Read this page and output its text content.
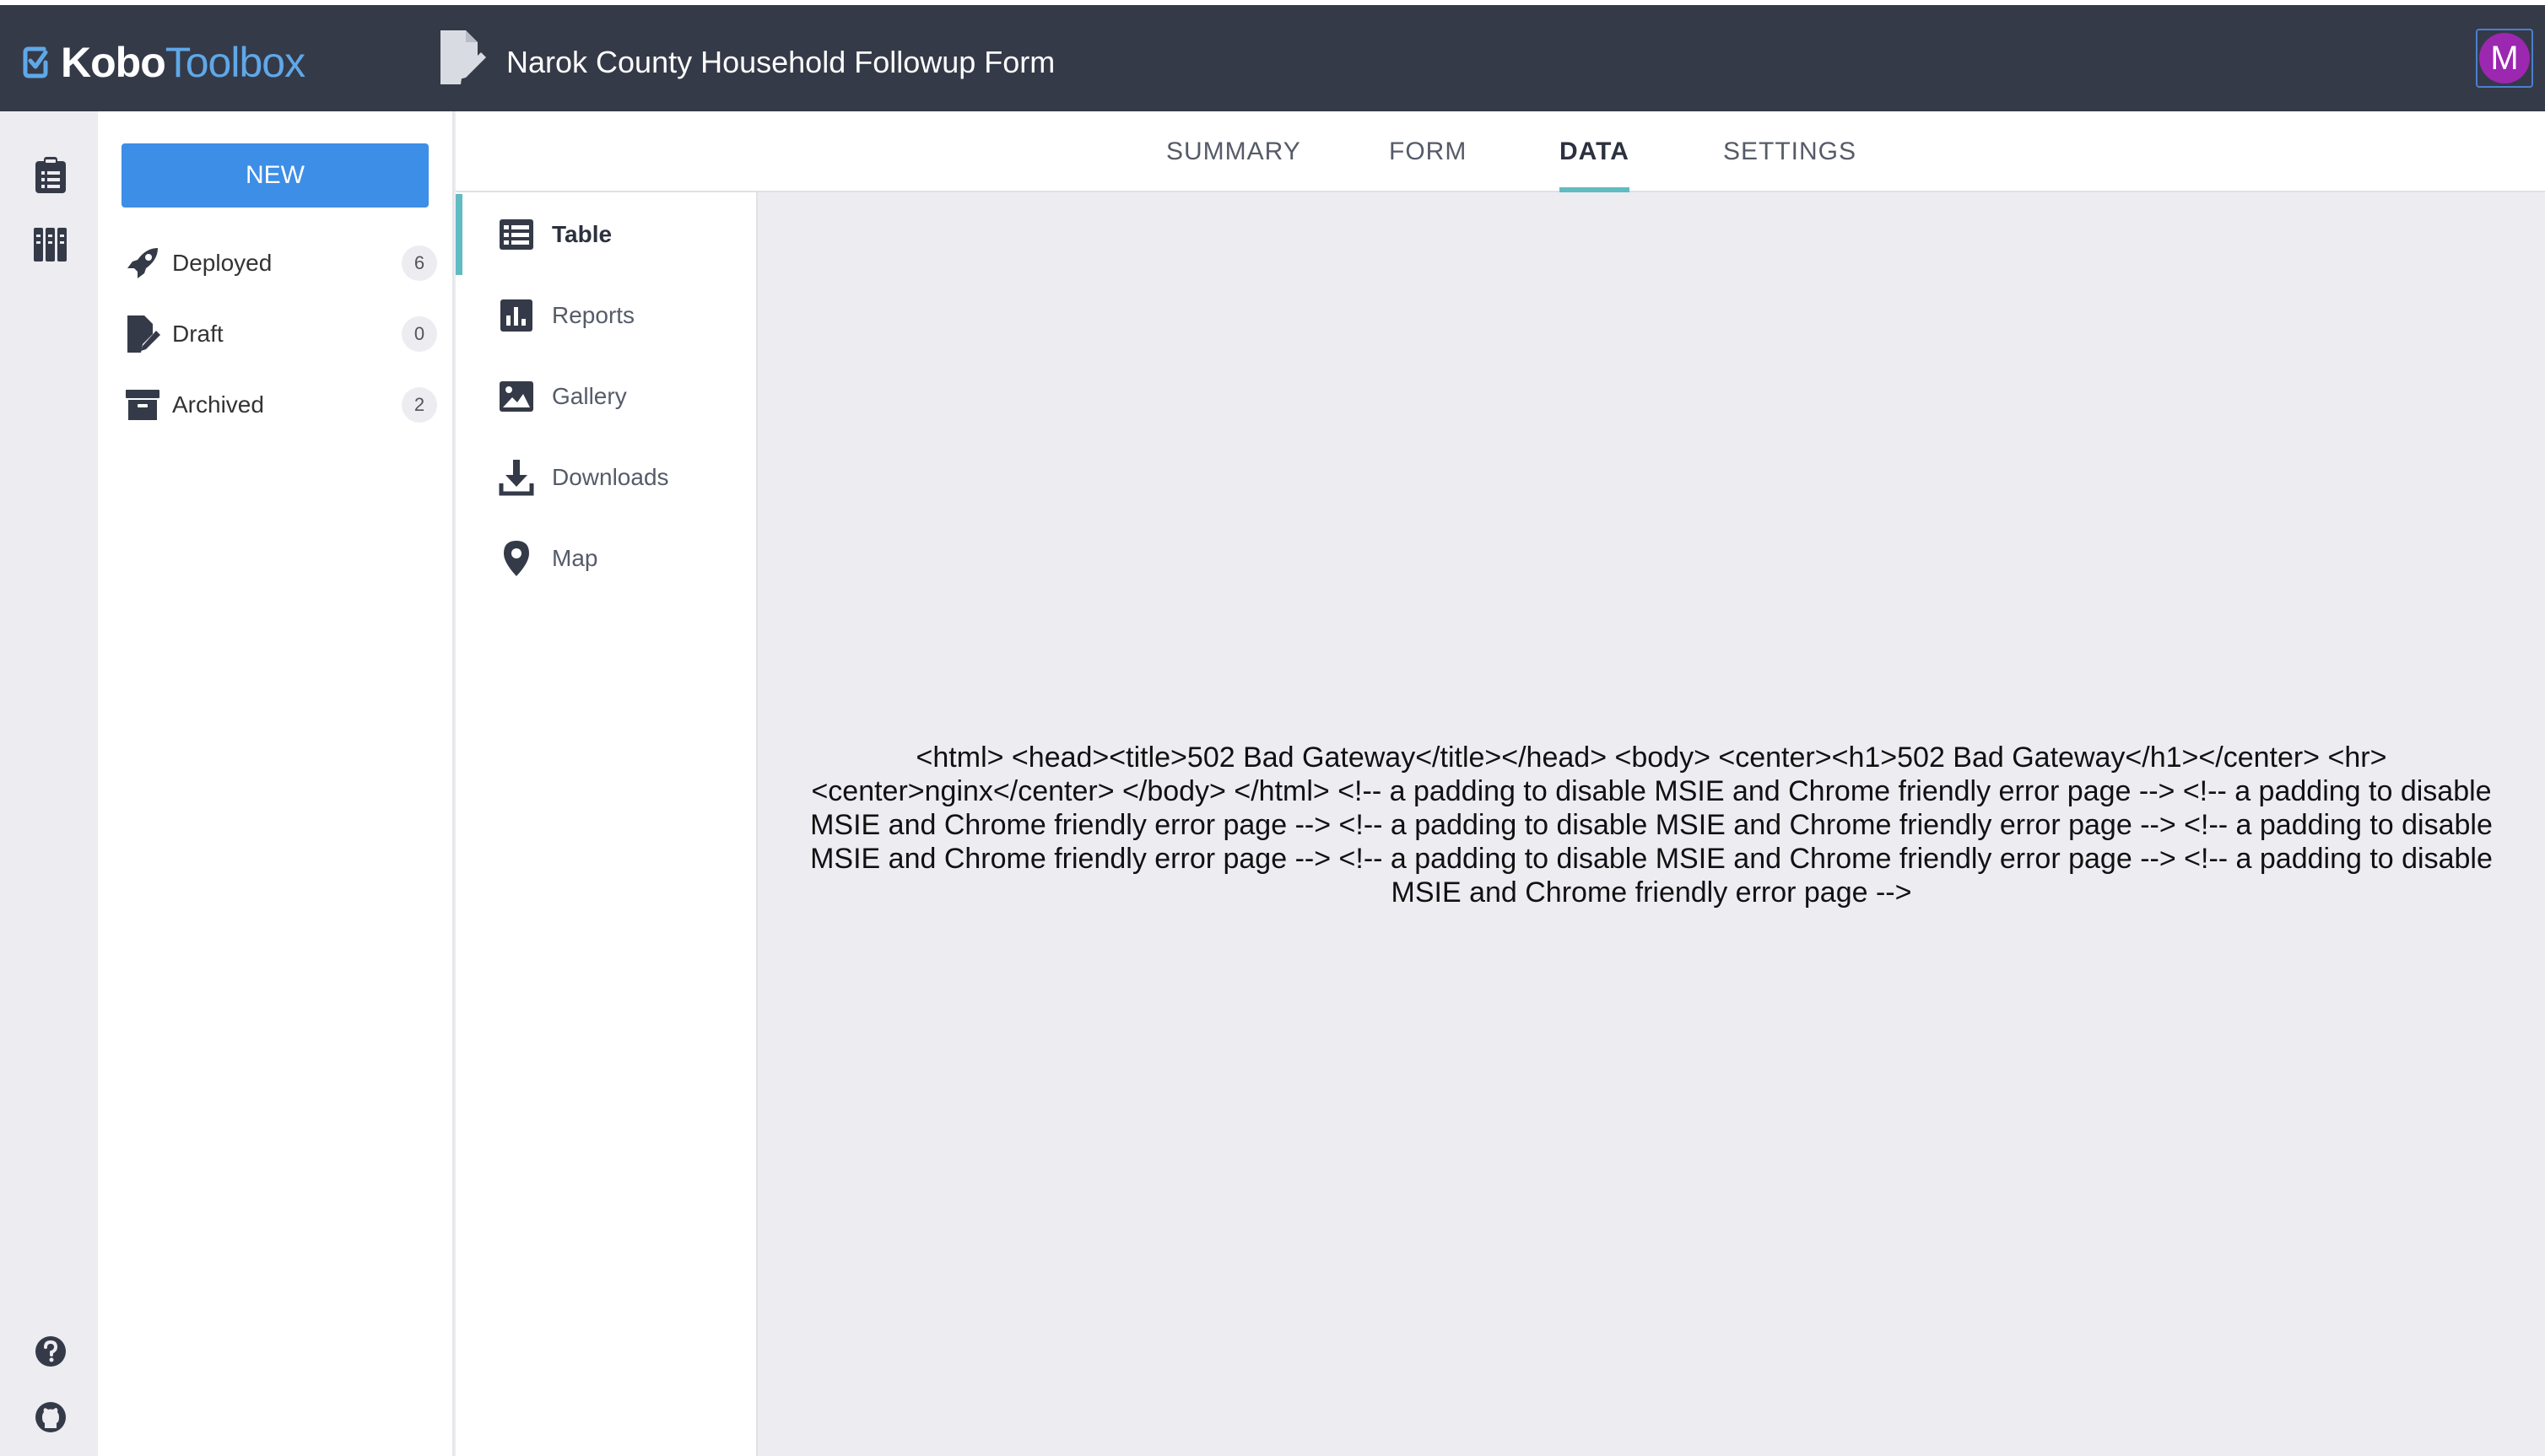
KoboToolbox	Narok County Household Followup Form	M
NEW
Deployed	6
Draft	0
Archived	2
SUMMARY	FORM	DATA	SETTINGS
Table
Reports
Gallery
Downloads
Map
<html> <head><title>502 Bad Gateway</title></head> <body> <center><h1>502 Bad Gateway</h1></center> <hr> <center>nginx</center> </body> </html> <!-- a padding to disable MSIE and Chrome friendly error page --> <!-- a padding to disable MSIE and Chrome friendly error page --> <!-- a padding to disable MSIE and Chrome friendly error page --> <!-- a padding to disable MSIE and Chrome friendly error page --> <!-- a padding to disable MSIE and Chrome friendly error page --> <!-- a padding to disable MSIE and Chrome friendly error page -->
